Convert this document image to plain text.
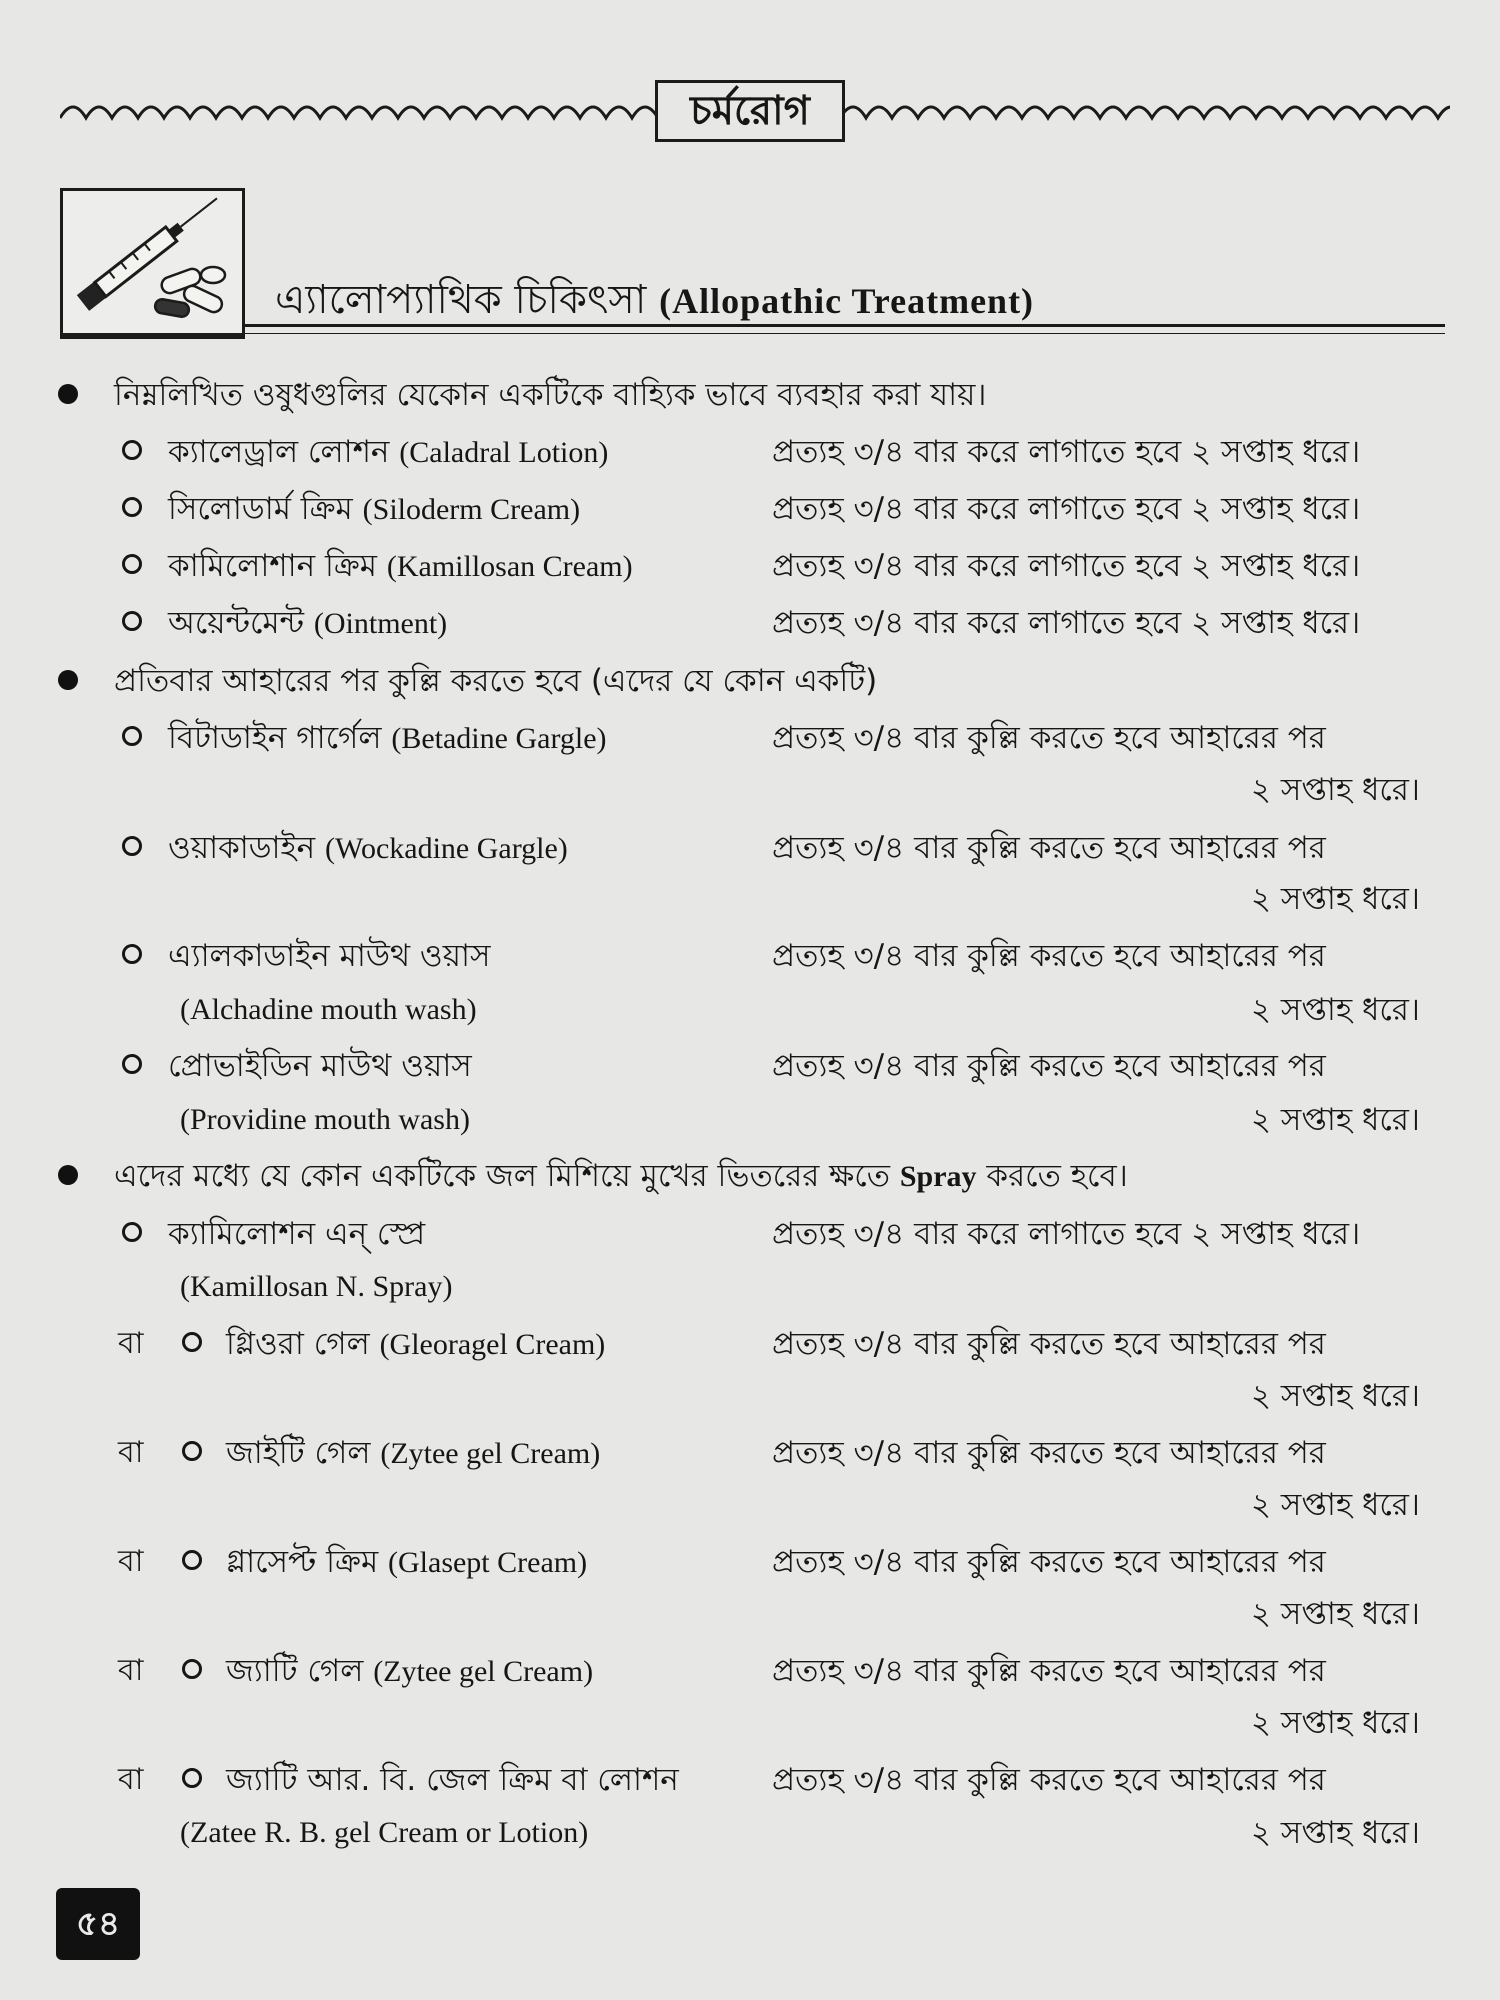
চর্মরোগ
এ্যালোপ্যাথিক চিকিৎসা (Allopathic Treatment)
নিম্নলিখিত ওষুধগুলির যেকোন একটিকে বাহ্যিক ভাবে ব্যবহার করা যায়।
ক্যালেড্রাল লোশন (Caladral Lotion)	প্রত্যহ ৩/৪ বার করে লাগাতে হবে ২ সপ্তাহ ধরে।
সিলোডার্ম ক্রিম (Siloderm Cream)	প্রত্যহ ৩/৪ বার করে লাগাতে হবে ২ সপ্তাহ ধরে।
কামিলোশান ক্রিম (Kamillosan Cream)	প্রত্যহ ৩/৪ বার করে লাগাতে হবে ২ সপ্তাহ ধরে।
অয়েন্টমেন্ট (Ointment)	প্রত্যহ ৩/৪ বার করে লাগাতে হবে ২ সপ্তাহ ধরে।
প্রতিবার আহারের পর কুল্লি করতে হবে (এদের যে কোন একটি)
বিটাডাইন গার্গেল (Betadine Gargle)	প্রত্যহ ৩/৪ বার কুল্লি করতে হবে আহারের পর
২ সপ্তাহ ধরে।
ওয়াকাডাইন (Wockadine Gargle)	প্রত্যহ ৩/৪ বার কুল্লি করতে হবে আহারের পর
২ সপ্তাহ ধরে।
এ্যালকাডাইন মাউথ ওয়াস	প্রত্যহ ৩/৪ বার কুল্লি করতে হবে আহারের পর
(Alchadine mouth wash)	২ সপ্তাহ ধরে।
প্রোভাইডিন মাউথ ওয়াস	প্রত্যহ ৩/৪ বার কুল্লি করতে হবে আহারের পর
(Providine mouth wash)	২ সপ্তাহ ধরে।
এদের মধ্যে যে কোন একটিকে জল মিশিয়ে মুখের ভিতরের ক্ষতে Spray করতে হবে।
ক্যামিলোশন এন্ স্প্রে	প্রত্যহ ৩/৪ বার করে লাগাতে হবে ২ সপ্তাহ ধরে।
(Kamillosan N. Spray)
বা	গ্লিওরা গেল (Gleoragel Cream)	প্রত্যহ ৩/৪ বার কুল্লি করতে হবে আহারের পর
২ সপ্তাহ ধরে।
বা	জাইটি গেল (Zytee gel Cream)	প্রত্যহ ৩/৪ বার কুল্লি করতে হবে আহারের পর
২ সপ্তাহ ধরে।
বা	গ্লাসেপ্ট ক্রিম (Glasept Cream)	প্রত্যহ ৩/৪ বার কুল্লি করতে হবে আহারের পর
২ সপ্তাহ ধরে।
বা	জ্যাটি গেল (Zytee gel Cream)	প্রত্যহ ৩/৪ বার কুল্লি করতে হবে আহারের পর
২ সপ্তাহ ধরে।
বা	জ্যাটি আর. বি. জেল ক্রিম বা লোশন	প্রত্যহ ৩/৪ বার কুল্লি করতে হবে আহারের পর
(Zatee R. B. gel Cream or Lotion)	২ সপ্তাহ ধরে।
৫৪
